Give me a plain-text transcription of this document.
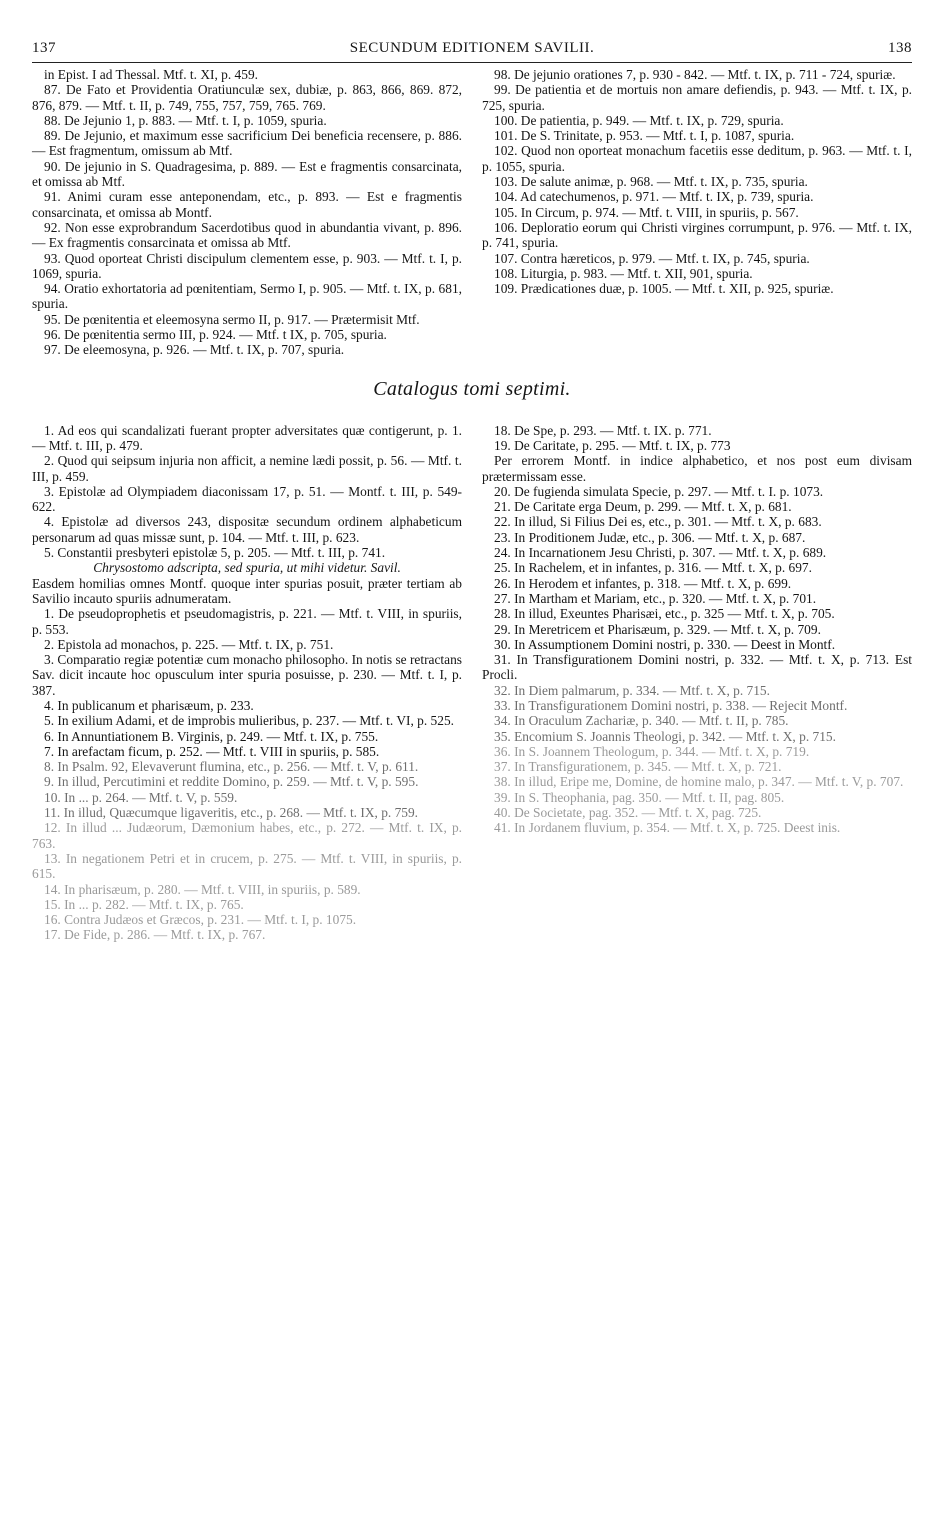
137	SECUNDUM EDITIONEM SAVILII.	138

in Epist. I ad Thessal. Mtf. t. XI, p. 459.

87. De Fato et Providentia Oratiunculæ sex, dubiæ, p. 863, 866, 869. 872, 876, 879. — Mtf. t. II, p. 749, 755, 757, 759, 765. 769.

88. De Jejunio 1, p. 883. — Mtf. t. I, p. 1059, spuria.

89. De Jejunio, et maximum esse sacrificium Dei beneficia recensere, p. 886. — Est fragmentum, omissum ab Mtf.

90. De jejunio in S. Quadragesima, p. 889. — Est e fragmentis consarcinata, et omissa ab Mtf.

91. Animi curam esse anteponendam, etc., p. 893. — Est e fragmentis consarcinata, et omissa ab Montf.

92. Non esse exprobrandum Sacerdotibus quod in abundantia vivant, p. 896. — Ex fragmentis consarcinata et omissa ab Mtf.

93. Quod oporteat Christi discipulum clementem esse, p. 903. — Mtf. t. I, p. 1069, spuria.

94. Oratio exhortatoria ad pœnitentiam, Sermo I, p. 905. — Mtf. t. IX, p. 681, spuria.

95. De pœnitentia et eleemosyna sermo II, p. 917. — Prætermisit Mtf.

96. De pœnitentia sermo III, p. 924. — Mtf. t IX, p. 705, spuria.

97. De eleemosyna, p. 926. — Mtf. t. IX, p. 707, spuria.

98. De jejunio orationes 7, p. 930 - 842. — Mtf. t. IX, p. 711 - 724, spuriæ.

99. De patientia et de mortuis non amare defiendis, p. 943. — Mtf. t. IX, p. 725, spuria.

100. De patientia, p. 949. — Mtf. t. IX, p. 729, spuria.

101. De S. Trinitate, p. 953. — Mtf. t. I, p. 1087, spuria.

102. Quod non oporteat monachum facetiis esse deditum, p. 963. — Mtf. t. I, p. 1055, spuria.

103. De salute animæ, p. 968. — Mtf. t. IX, p. 735, spuria.

104. Ad catechumenos, p. 971. — Mtf. t. IX, p. 739, spuria.

105. In Circum, p. 974. — Mtf. t. VIII, in spuriis, p. 567.

106. Deploratio eorum qui Christi virgines corrumpunt, p. 976. — Mtf. t. IX, p. 741, spuria.

107. Contra hæreticos, p. 979. — Mtf. t. IX, p. 745, spuria.

108. Liturgia, p. 983. — Mtf. t. XII, 901, spuria.

109. Prædicationes duæ, p. 1005. — Mtf. t. XII, p. 925, spuriæ.

Catalogus tomi septimi.

1. Ad eos qui scandalizati fuerant propter adversitates quæ contigerunt, p. 1. — Mtf. t. III, p. 479.

2. Quod qui seipsum injuria non afficit, a nemine lædi possit, p. 56. — Mtf. t. III, p. 459.

3. Epistolæ ad Olympiadem diaconissam 17, p. 51. — Montf. t. III, p. 549-622.

4. Epistolæ ad diversos 243, dispositæ secundum ordinem alphabeticum personarum ad quas missæ sunt, p. 104. — Mtf. t. III, p. 623.

5. Constantii presbyteri epistolæ 5, p. 205. — Mtf. t. III, p. 741.

Chrysostomo adscripta, sed spuria, ut mihi videtur. Savil.

Easdem homilias omnes Montf. quoque inter spurias posuit, præter tertiam ab Savilio incauto spuriis adnumeratam.

1. De pseudoprophetis et pseudomagistris, p. 221. — Mtf. t. VIII, in spuriis, p. 553.

2. Epistola ad monachos, p. 225. — Mtf. t. IX, p. 751.

3. Comparatio regiæ potentiæ cum monacho philosopho. In notis se retractans Sav. dicit incaute hoc opusculum inter spuria posuisse, p. 230. — Mtf. t. I, p. 387.

4. In publicanum et pharisæum, p. 233.

5. In exilium Adami, et de improbis mulieribus, p. 237. — Mtf. t. VI, p. 525.

6. In Annuntiationem B. Virginis, p. 249. — Mtf. t. IX, p. 755.

7. In arefactam ficum, p. 252. — Mtf. t. VIII in spuriis, p. 585.

8. In Psalm. 92, Elevaverunt flumina, etc., p. 256. — Mtf. t. V, p. 611.

9. In illud, Percutimini et reddite Domino, p. 259. — Mtf. t. V, p. 595.

10. In ... p. 264. — Mtf. t. V, p. 559.

11. In illud, Quæcumque ligaveritis, etc., p. 268. — Mtf. t. IX, p. 759.

12. In illud ... Judæorum, Dæmonium habes, etc., p. 272. — Mtf. t. IX, p. 763.

13. In negationem Petri et in crucem, p. 275. — Mtf. t. VIII, in spuriis, p. 615.

14. In pharisæum, p. 280. — Mtf. t. VIII, in spuriis, p. 589.

15. In ... p. 282. — Mtf. t. IX, p. 765.

16. Contra Judæos et Græcos, p. 231. — Mtf. t. I, p. 1075.

17. De Fide, p. 286. — Mtf. t. IX, p. 767.

18. De Spe, p. 293. — Mtf. t. IX. p. 771.

19. De Caritate, p. 295. — Mtf. t. IX, p. 773

Per errorem Montf. in indice alphabetico, et nos post eum divisam prætermissam esse.

20. De fugienda simulata Specie, p. 297. — Mtf. t. I. p. 1073.

21. De Caritate erga Deum, p. 299. — Mtf. t. X, p. 681.

22. In illud, Si Filius Dei es, etc., p. 301. — Mtf. t. X, p. 683.

23. In Proditionem Judæ, etc., p. 306. — Mtf. t. X, p. 687.

24. In Incarnationem Jesu Christi, p. 307. — Mtf. t. X, p. 689.

25. In Rachelem, et in infantes, p. 316. — Mtf. t. X, p. 697.

26. In Herodem et infantes, p. 318. — Mtf. t. X, p. 699.

27. In Martham et Mariam, etc., p. 320. — Mtf. t. X, p. 701.

28. In illud, Exeuntes Pharisæi, etc., p. 325 — Mtf. t. X, p. 705.

29. In Meretricem et Pharisæum, p. 329. — Mtf. t. X, p. 709.

30. In Assumptionem Domini nostri, p. 330. — Deest in Montf.

31. In Transfigurationem Domini nostri, p. 332. — Mtf. t. X, p. 713. Est Procli.

32. In Diem palmarum, p. 334. — Mtf. t. X, p. 715.

33. In Transfigurationem Domini nostri, p. 338. — Rejecit Montf.

34. In Oraculum Zachariæ, p. 340. — Mtf. t. II, p. 785.

35. Encomium S. Joannis Theologi, p. 342. — Mtf. t. X, p. 715.

36. In S. Joannem Theologum, p. 344. — Mtf. t. X, p. 719.

37. In Transfigurationem, p. 345. — Mtf. t. X, p. 721.

38. In illud, Eripe me, Domine, de homine malo, p. 347. — Mtf. t. V, p. 707.

39. In S. Theophania, pag. 350. — Mtf. t. II, pag. 805.

40. De Societate, pag. 352. — Mtf. t. X, pag. 725.

41. In Jordanem fluvium, p. 354. — Mtf. t. X, p. 725. Deest inis.
